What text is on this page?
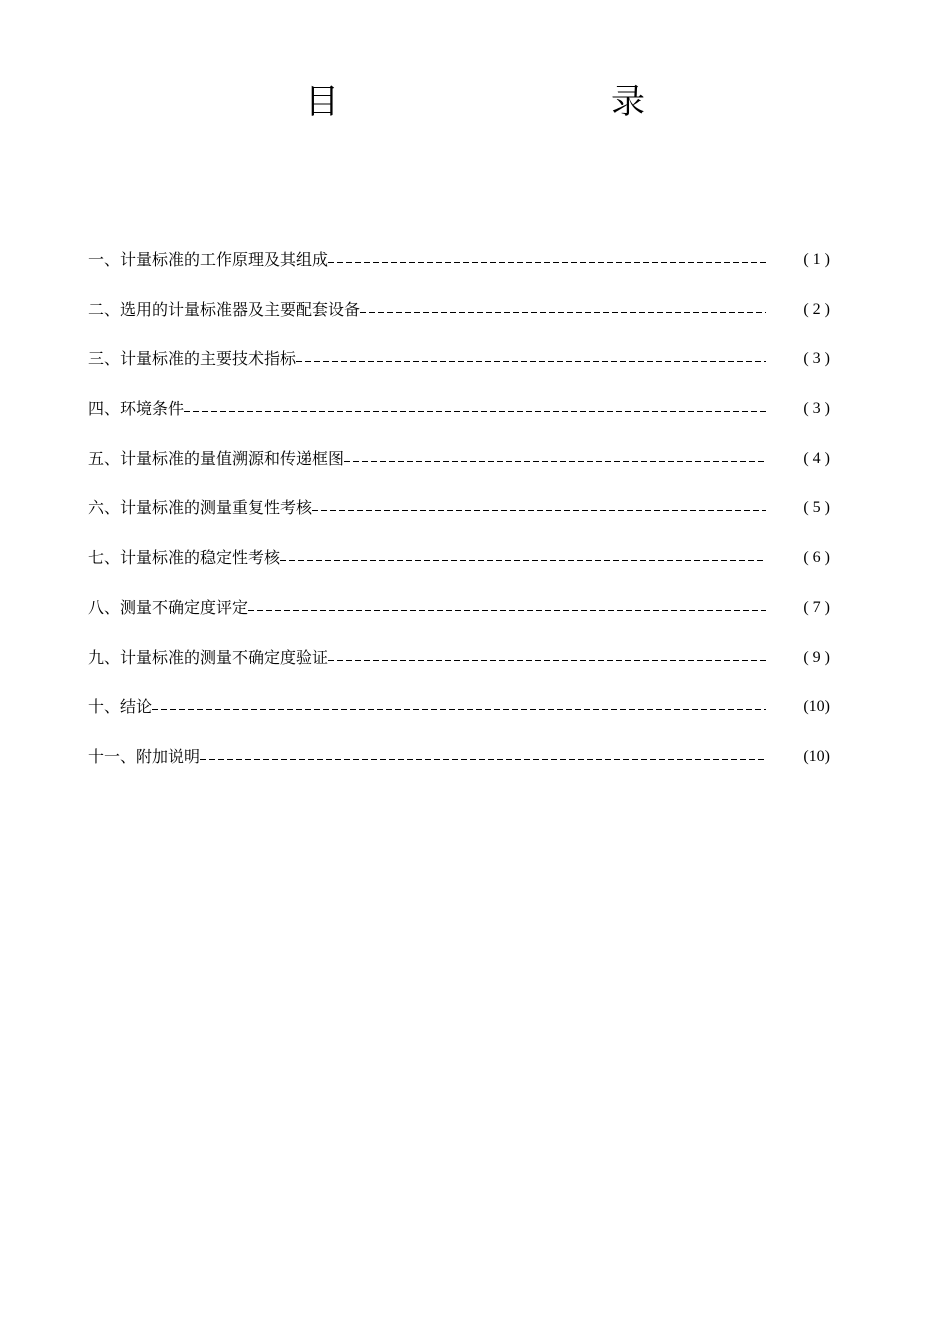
目　　录
一、计量标准的工作原理及其组成	( 1 )
二、选用的计量标准器及主要配套设备	( 2 )
三、计量标准的主要技术指标	( 3 )
四、环境条件	( 3 )
五、计量标准的量值溯源和传递框图	( 4 )
六、计量标准的测量重复性考核	( 5 )
七、计量标准的稳定性考核	( 6 )
八、测量不确定度评定	( 7 )
九、计量标准的测量不确定度验证	( 9 )
十、结论	(10)
十一、附加说明	(10)
